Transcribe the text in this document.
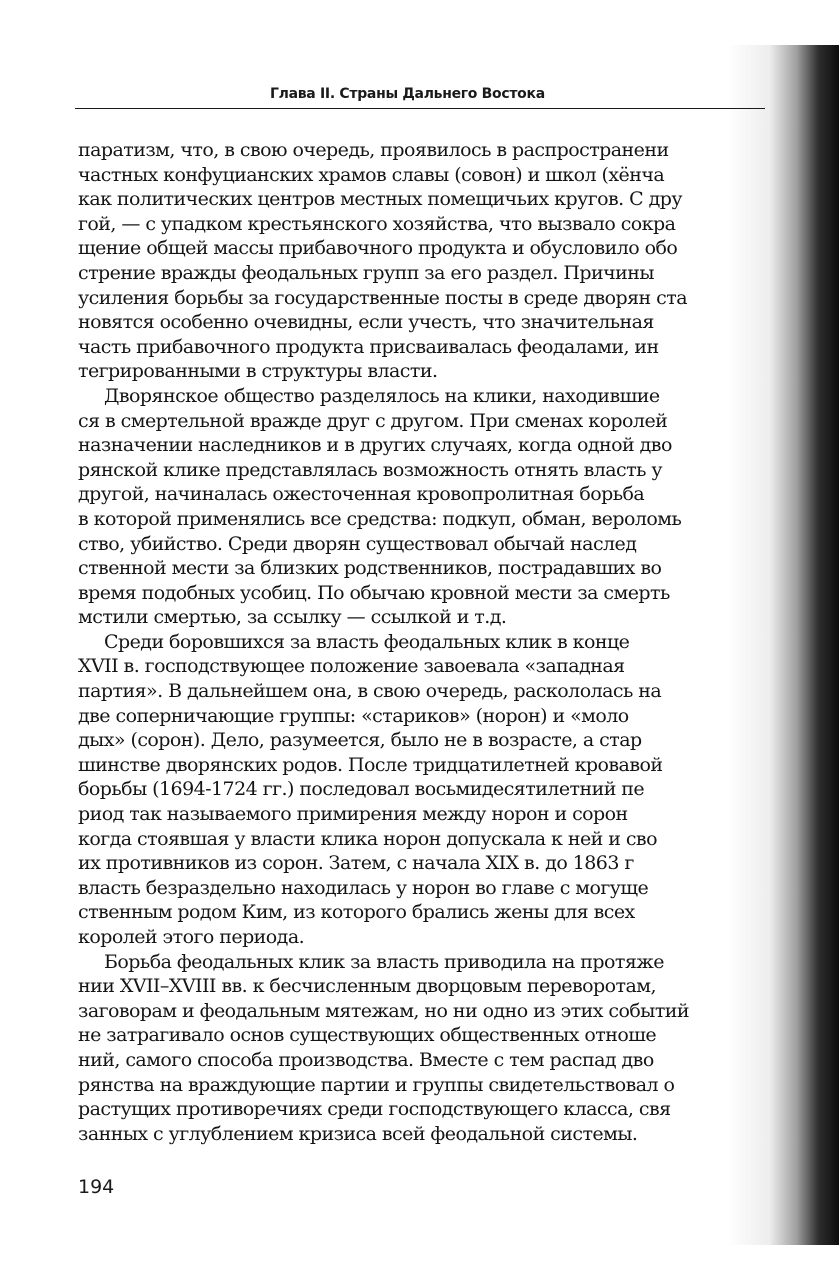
Глава II. Страны Дальнего Востока

паратизм, что, в свою очередь, проявилось в распространени
частных конфуцианских храмов славы (совон) и школ (хёнча
как политических центров местных помещичьих кругов. С дру
гой, — с упадком крестьянского хозяйства, что вызвало сокра
щение общей массы прибавочного продукта и обусловило обо
стрение вражды феодальных групп за его раздел. Причины
усиления борьбы за государственные посты в среде дворян ста
новятся особенно очевидны, если учесть, что значительная
часть прибавочного продукта присваивалась феодалами, ин
тегрированными в структуры власти.

Дворянское общество разделялось на клики, находившие
ся в смертельной вражде друг с другом. При сменах королей
назначении наследников и в других случаях, когда одной дво
рянской клике представлялась возможность отнять власть у
другой, начиналась ожесточенная кровопролитная борьба
в которой применялись все средства: подкуп, обман, вероломь
ство, убийство. Среди дворян существовал обычай наслед
ственной мести за близких родственников, пострадавших во
время подобных усобиц. По обычаю кровной мести за смерть
мстили смертью, за ссылку — ссылкой и т.д.

Среди боровшихся за власть феодальных клик в конце
XVII в. господствующее положение завоевала «западная
партия». В дальнейшем она, в свою очередь, раскололась на
две соперничающие группы: «стариков» (норон) и «моло
дых» (сорон). Дело, разумеется, было не в возрасте, а стар
шинстве дворянских родов. После тридцатилетней кровавой
борьбы (1694-1724 гг.) последовал восьмидесятилетний пе
риод так называемого примирения между норон и сорон
когда стоявшая у власти клика норон допускала к ней и сво
их противников из сорон. Затем, с начала XIX в. до 1863 г
власть безраздельно находилась у норон во главе с могуще
ственным родом Ким, из которого брались жены для всех
королей этого периода.

Борьба феодальных клик за власть приводила на протяже
нии XVII–XVIII вв. к бесчисленным дворцовым переворотам,
заговорам и феодальным мятежам, но ни одно из этих событий
не затрагивало основ существующих общественных отноше
ний, самого способа производства. Вместе с тем распад дво
рянства на враждующие партии и группы свидетельствовал о
растущих противоречиях среди господствующего класса, свя
занных с углублением кризиса всей феодальной системы.

194
